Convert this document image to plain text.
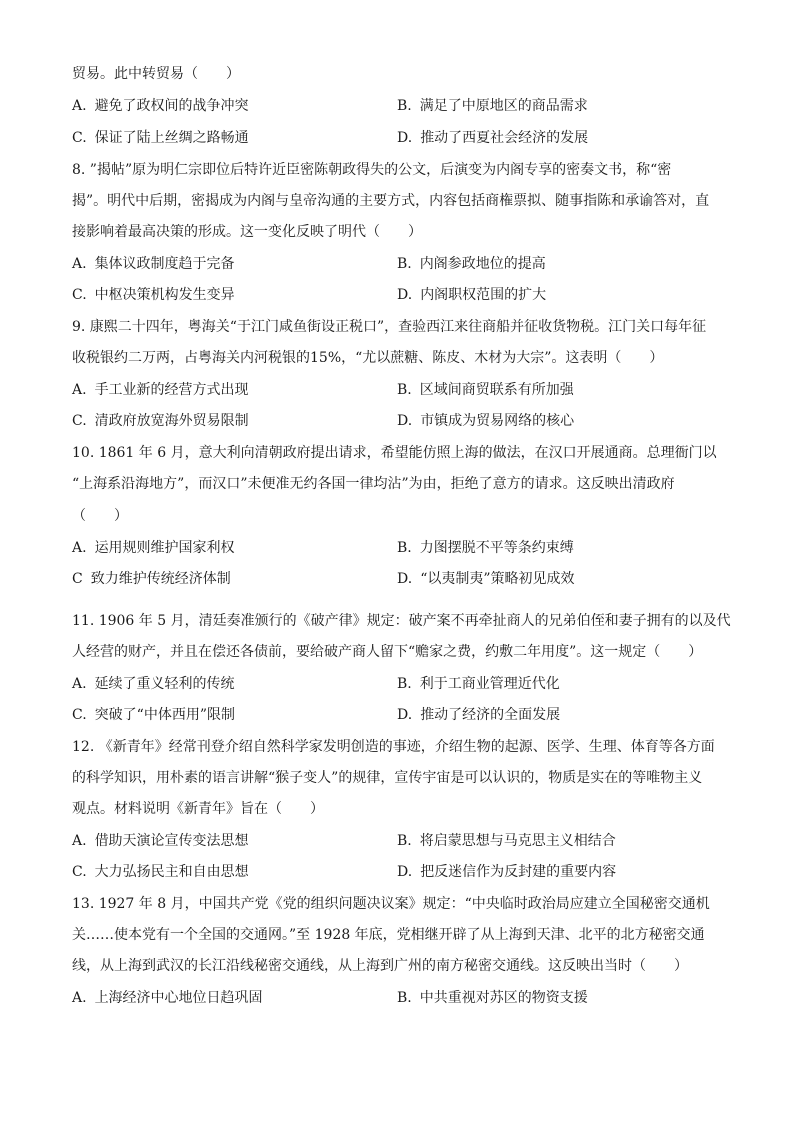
贸易。此中转贸易（　　）
A. 避免了政权间的战争冲突	B. 满足了中原地区的商品需求
C. 保证了陆上丝绸之路畅通	D. 推动了西夏社会经济的发展
8. ”揭帖”原为明仁宗即位后特许近臣密陈朝政得失的公文，后演变为内阁专享的密奏文书，称“密
揭”。明代中后期，密揭成为内阁与皇帝沟通的主要方式，内容包括商権票拟、随事指陈和承谕答对，直
接影响着最高决策的形成。这一变化反映了明代（　　）
A. 集体议政制度趋于完备	B. 内阁参政地位的提高
C. 中枢决策机构发生变异	D. 内阁职权范围的扩大
9. 康熙二十四年，粤海关“于江门咸鱼街设正税口”，查验西江来往商船并征收货物税。江门关口每年征
收税银约二万两，占粤海关内河税银的15%，“尤以蔗糖、陈皮、木材为大宗”。这表明（　　）
A. 手工业新的经营方式出现	B. 区域间商贸联系有所加强
C. 清政府放宽海外贸易限制	D. 市镇成为贸易网络的核心
10. 1861 年 6 月，意大利向清朝政府提出请求，希望能仿照上海的做法，在汉口开展通商。总理衙门以
“上海系沿海地方”，而汉口”未便准无约各国一律均沾”为由，拒绝了意方的请求。这反映出清政府
（　　）
A. 运用规则维护国家利权	B. 力图摆脱不平等条约束缚
C 致力维护传统经济体制	D. “以夷制夷”策略初见成效
11. 1906 年 5 月，清廷奏准颁行的《破产律》规定：破产案不再牵扯商人的兄弟伯侄和妻子拥有的以及代
人经营的财产，并且在偿还各债前，要给破产商人留下“赡家之费，约敷二年用度”。这一规定（　　）
A. 延续了重义轻利的传统	B. 利于工商业管理近代化
C. 突破了“中体西用”限制	D. 推动了经济的全面发展
12. 《新青年》经常刊登介绍自然科学家发明创造的事迹，介绍生物的起源、医学、生理、体育等各方面
的科学知识，用朴素的语言讲解“猴子变人”的规律，宣传宇宙是可以认识的，物质是实在的等唯物主义
观点。材料说明《新青年》旨在（　　）
A. 借助天演论宣传变法思想	B. 将启蒙思想与马克思主义相结合
C. 大力弘扬民主和自由思想	D. 把反迷信作为反封建的重要内容
13. 1927 年 8 月，中国共产党《党的组织问题决议案》规定：“中央临时政治局应建立全国秘密交通机
关……使本党有一个全国的交通网。”至 1928 年底，党相继开辟了从上海到天津、北平的北方秘密交通
线，从上海到武汉的长江沿线秘密交通线，从上海到广州的南方秘密交通线。这反映出当时（　　）
A. 上海经济中心地位日趋巩固	B. 中共重视对苏区的物资支援
